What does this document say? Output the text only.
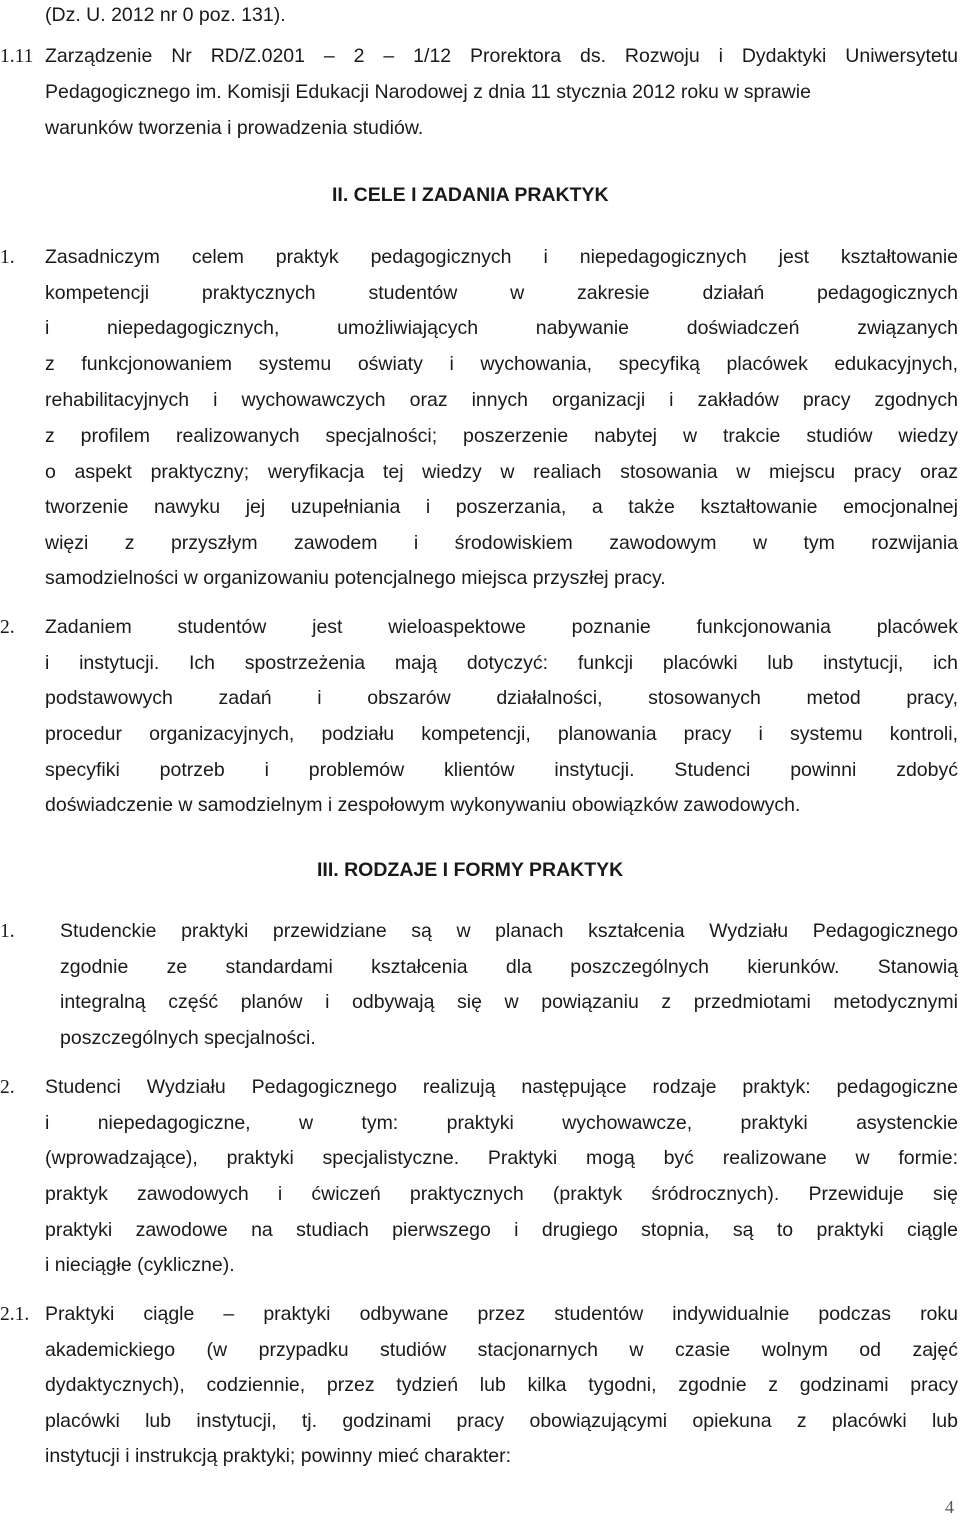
(Dz. U. 2012 nr 0 poz. 131).
1.11 Zarządzenie Nr RD/Z.0201 – 2 – 1/12 Prorektora ds. Rozwoju i Dydaktyki Uniwersytetu
Pedagogicznego im. Komisji Edukacji Narodowej z dnia 11 stycznia 2012 roku w sprawie
warunków tworzenia i prowadzenia studiów.
II. CELE I ZADANIA PRAKTYK
1. Zasadniczym celem praktyk pedagogicznych i niepedagogicznych jest kształtowanie
kompetencji praktycznych studentów w zakresie działań pedagogicznych
i niepedagogicznych, umożliwiających nabywanie doświadczeń związanych
z funkcjonowaniem systemu oświaty i wychowania, specyfiką placówek edukacyjnych,
rehabilitacyjnych i wychowawczych oraz innych organizacji i zakładów pracy zgodnych
z profilem realizowanych specjalności; poszerzenie nabytej w trakcie studiów wiedzy
o aspekt praktyczny; weryfikacja tej wiedzy w realiach stosowania w miejscu pracy oraz
tworzenie nawyku jej uzupełniania i poszerzania, a także kształtowanie emocjonalnej
więzi z przyszłym zawodem i środowiskiem zawodowym w tym rozwijania
samodzielności w organizowaniu potencjalnego miejsca przyszłej pracy.
2. Zadaniem studentów jest wieloaspektowe poznanie funkcjonowania placówek
i instytucji. Ich spostrzeżenia mają dotyczyć: funkcji placówki lub instytucji, ich
podstawowych zadań i obszarów działalności, stosowanych metod pracy,
procedur organizacyjnych, podziału kompetencji, planowania pracy i systemu kontroli,
specyfiki potrzeb i problemów klientów instytucji. Studenci powinni zdobyć
doświadczenie w samodzielnym i zespołowym wykonywaniu obowiązków zawodowych.
III. RODZAJE I FORMY PRAKTYK
1. Studenckie praktyki przewidziane są w planach kształcenia Wydziału Pedagogicznego
zgodnie ze standardami kształcenia dla poszczególnych kierunków. Stanowią
integralną część planów i odbywają się w powiązaniu z przedmiotami metodycznymi
poszczególnych specjalności.
2. Studenci Wydziału Pedagogicznego realizują następujące rodzaje praktyk: pedagogiczne
i niepedagogiczne, w tym: praktyki wychowawcze, praktyki asystenckie
(wprowadzające), praktyki specjalistyczne. Praktyki mogą być realizowane w formie:
praktyk zawodowych i ćwiczeń praktycznych (praktyk śródrocznych). Przewiduje się
praktyki zawodowe na studiach pierwszego i drugiego stopnia, są to praktyki ciągle
i nieciągłe (cykliczne).
2.1. Praktyki ciągle – praktyki odbywane przez studentów indywidualnie podczas roku
akademickiego (w przypadku studiów stacjonarnych w czasie wolnym od zajęć
dydaktycznych), codziennie, przez tydzień lub kilka tygodni, zgodnie z godzinami pracy
placówki lub instytucji, tj. godzinami pracy obowiązującymi opiekuna z placówki lub
instytucji i instrukcją praktyki; powinny mieć charakter:
4
